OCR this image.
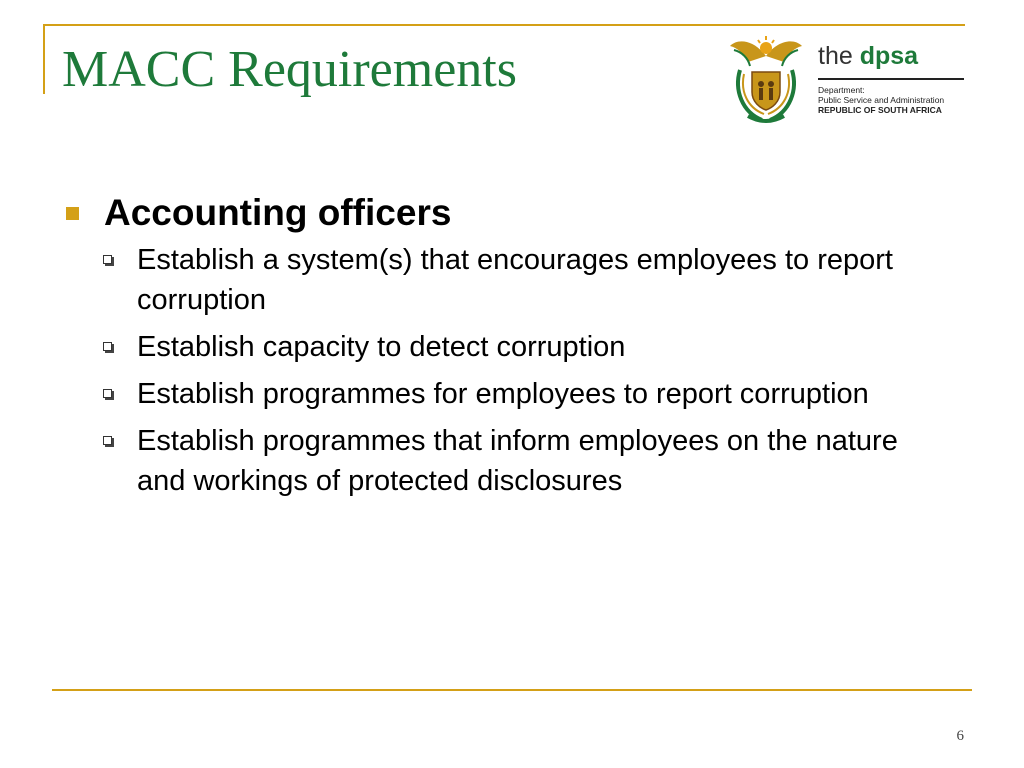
MACC Requirements	the dpsa
Department:
Public Service and Administration
REPUBLIC OF SOUTH AFRICA
Accounting officers
Establish a system(s) that encourages employees to report corruption
Establish capacity to detect corruption
Establish programmes for employees to report corruption
Establish programmes that inform employees on the nature and workings of protected disclosures
6
